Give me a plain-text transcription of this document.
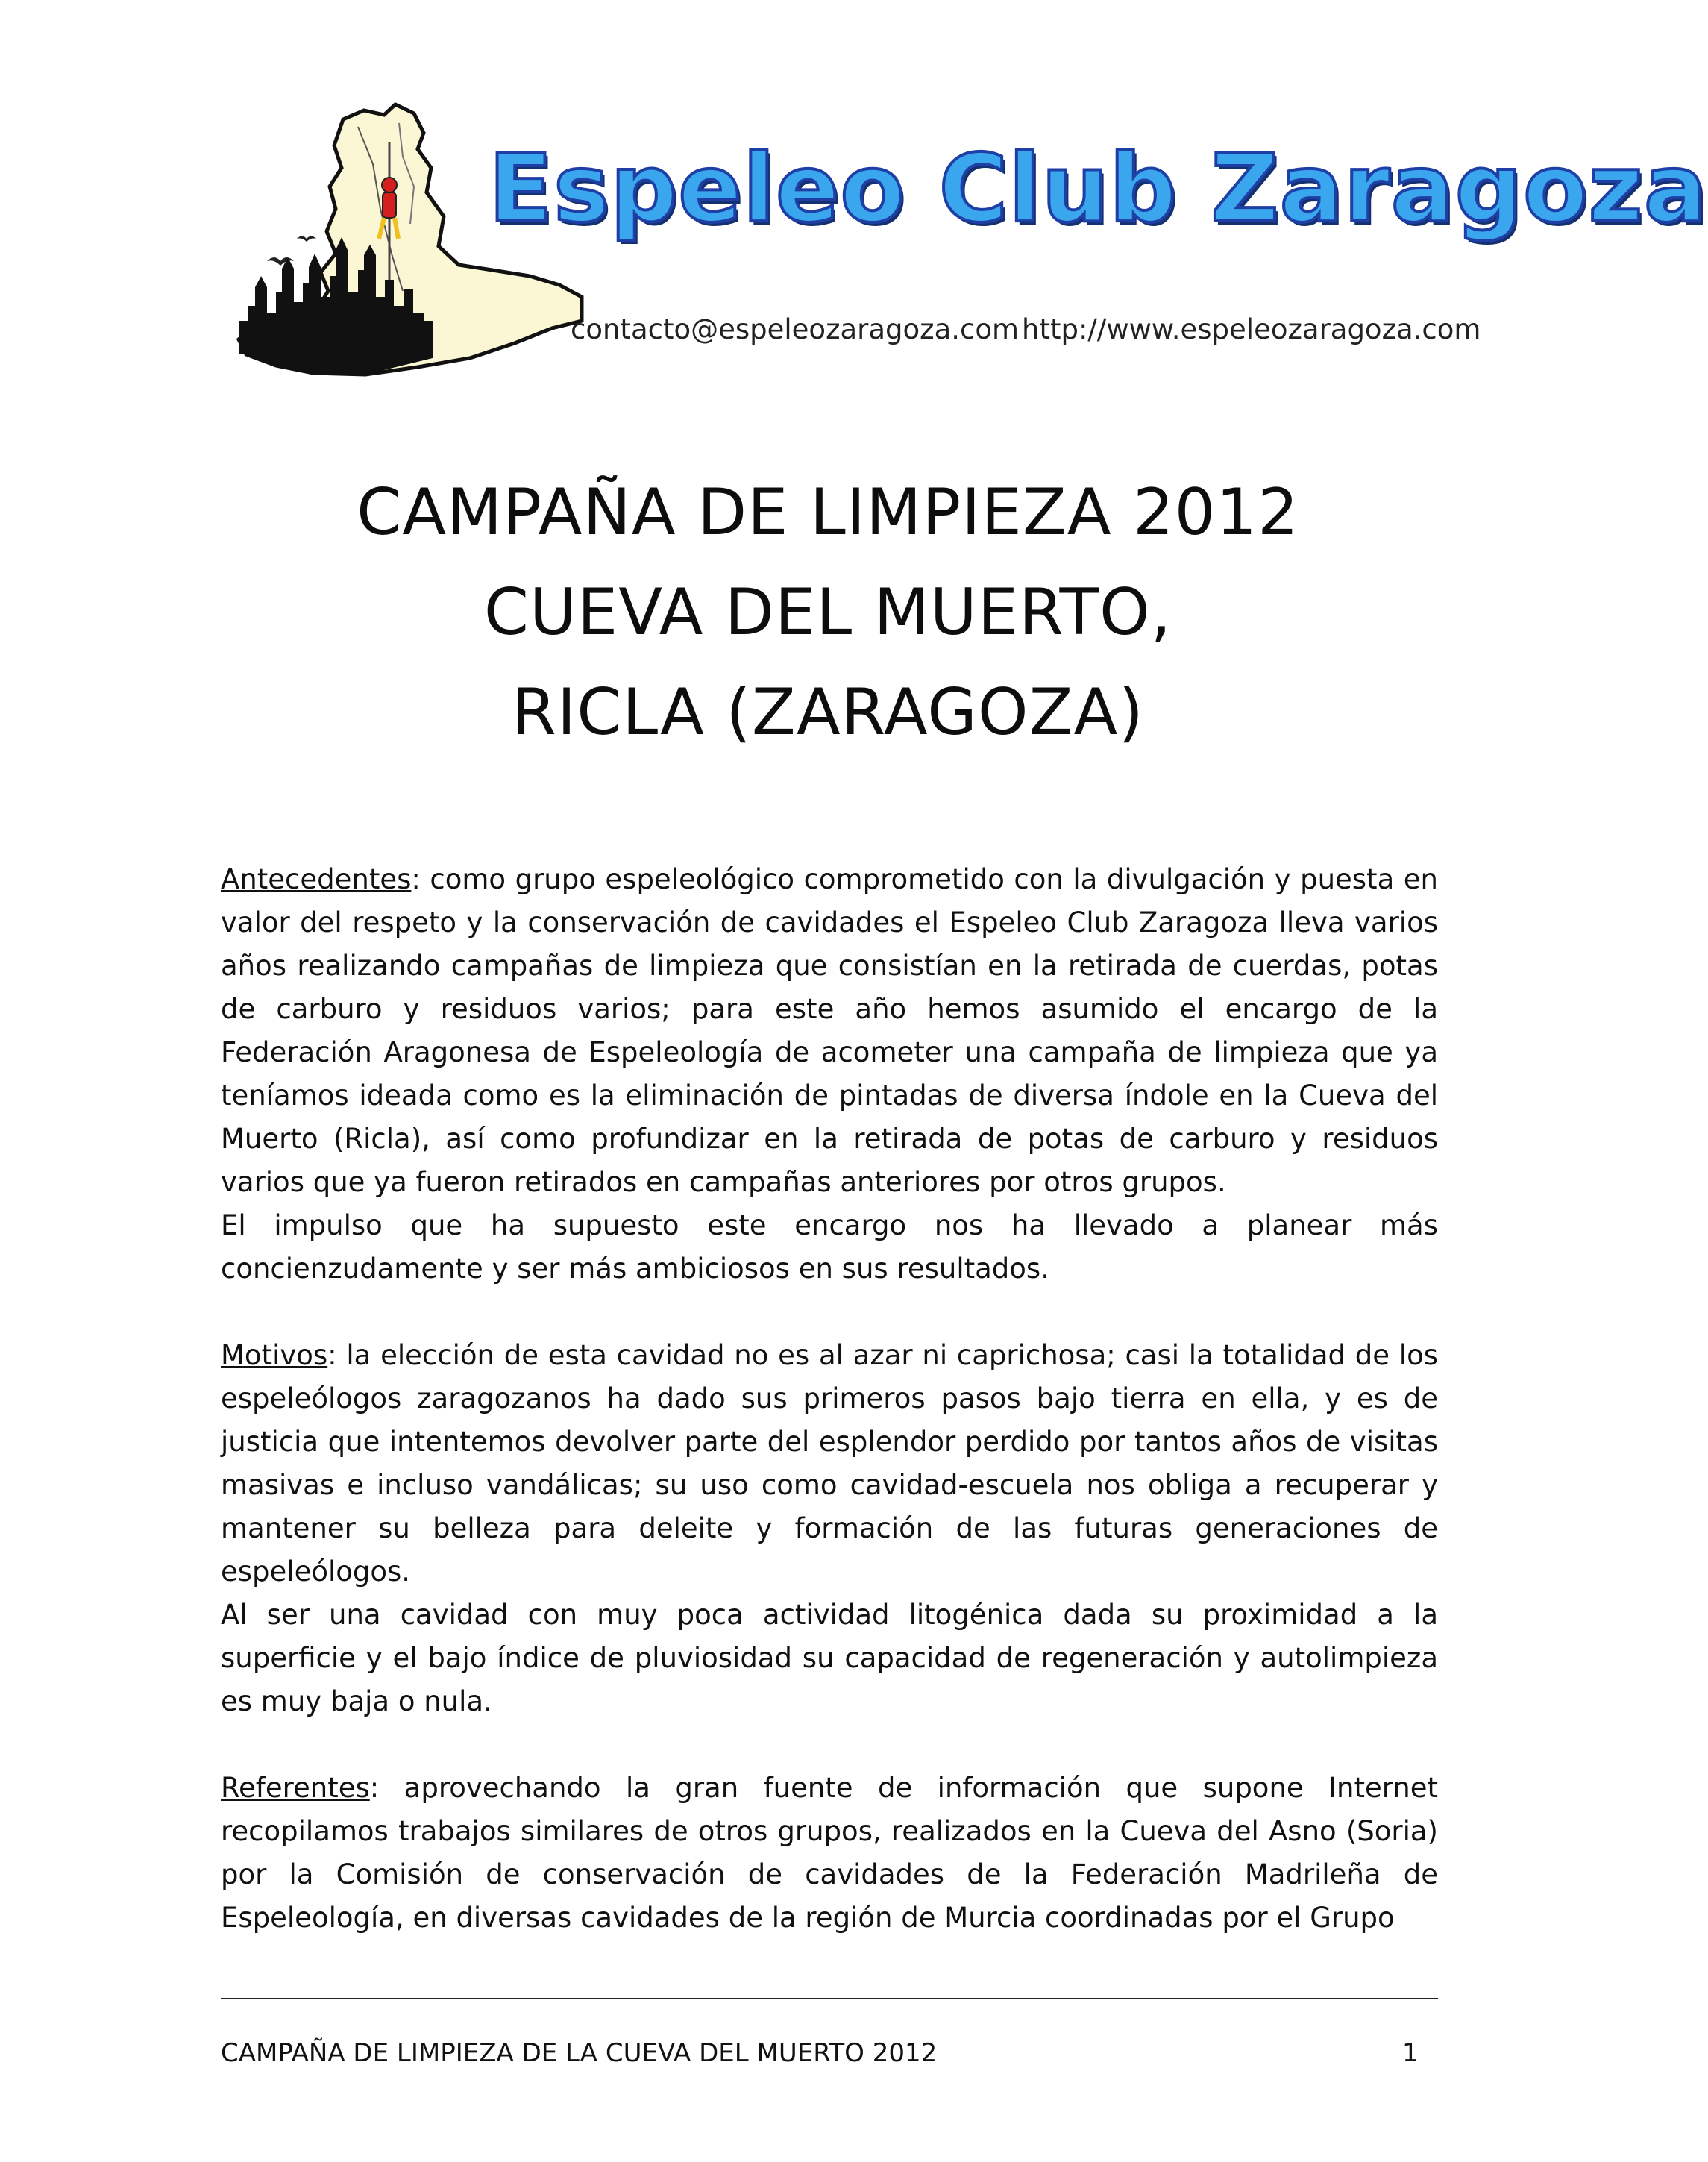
Espeleo Club Zaragoza
contacto@espeleozaragoza.com http://www.espeleozaragoza.com
CAMPAÑA DE LIMPIEZA 2012
CUEVA DEL MUERTO,
RICLA (ZARAGOZA)

Antecedentes: como grupo espeleológico comprometido con la divulgación y puesta en valor del respeto y la conservación de cavidades el Espeleo Club Zaragoza lleva varios años realizando campañas de limpieza que consistían en la retirada de cuerdas, potas de carburo y residuos varios; para este año hemos asumido el encargo de la Federación Aragonesa de Espeleología de acometer una campaña de limpieza que ya teníamos ideada como es la eliminación de pintadas de diversa índole en la Cueva del Muerto (Ricla), así como profundizar en la retirada de potas de carburo y residuos varios que ya fueron retirados en campañas anteriores por otros grupos.

El impulso que ha supuesto este encargo nos ha llevado a planear más concienzudamente y ser más ambiciosos en sus resultados.

Motivos: la elección de esta cavidad no es al azar ni caprichosa; casi la totalidad de los espeleólogos zaragozanos ha dado sus primeros pasos bajo tierra en ella, y es de justicia que intentemos devolver parte del esplendor perdido por tantos años de visitas masivas e incluso vandálicas; su uso como cavidad-escuela nos obliga a recuperar y mantener su belleza para deleite y formación de las futuras generaciones de espeleólogos.

Al ser una cavidad con muy poca actividad litogénica dada su proximidad a la superficie y el bajo índice de pluviosidad su capacidad de regeneración y autolimpieza es muy baja o nula.

Referentes: aprovechando la gran fuente de información que supone Internet recopilamos trabajos similares de otros grupos, realizados en la Cueva del Asno (Soria) por la Comisión de conservación de cavidades de la Federación Madrileña de Espeleología, en diversas cavidades de la región de Murcia coordinadas por el Grupo

CAMPAÑA DE LIMPIEZA DE LA CUEVA DEL MUERTO 2012	1
